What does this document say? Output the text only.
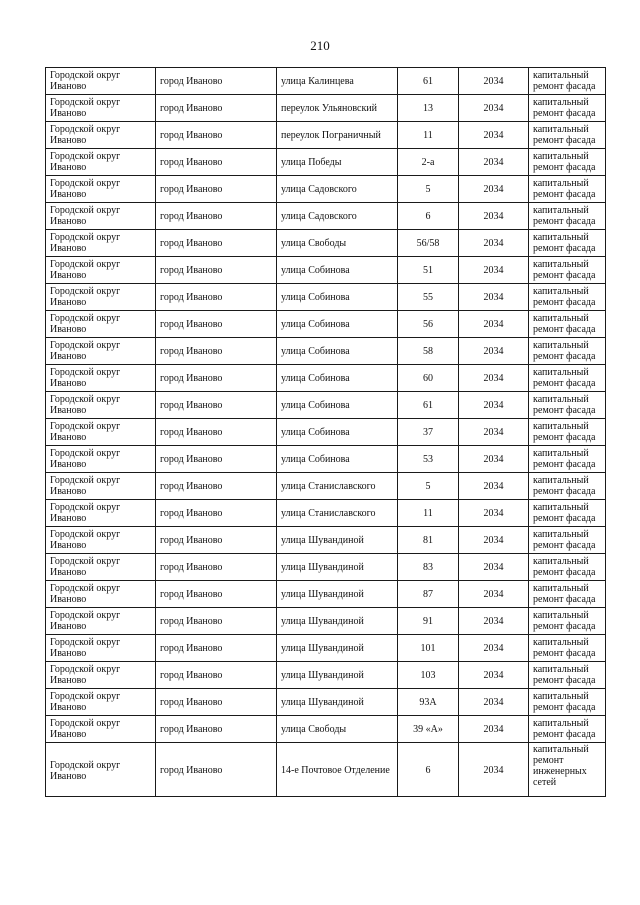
210
Городской округ Иваново	город Иваново	улица Калинцева	61	2034	капитальный ремонт фасада
Городской округ Иваново	город Иваново	переулок Ульяновский	13	2034	капитальный ремонт фасада
Городской округ Иваново	город Иваново	переулок Пограничный	11	2034	капитальный ремонт фасада
Городской округ Иваново	город Иваново	улица Победы	2-а	2034	капитальный ремонт фасада
Городской округ Иваново	город Иваново	улица Садовского	5	2034	капитальный ремонт фасада
Городской округ Иваново	город Иваново	улица Садовского	6	2034	капитальный ремонт фасада
Городской округ Иваново	город Иваново	улица Свободы	56/58	2034	капитальный ремонт фасада
Городской округ Иваново	город Иваново	улица Собинова	51	2034	капитальный ремонт фасада
Городской округ Иваново	город Иваново	улица Собинова	55	2034	капитальный ремонт фасада
Городской округ Иваново	город Иваново	улица Собинова	56	2034	капитальный ремонт фасада
Городской округ Иваново	город Иваново	улица Собинова	58	2034	капитальный ремонт фасада
Городской округ Иваново	город Иваново	улица Собинова	60	2034	капитальный ремонт фасада
Городской округ Иваново	город Иваново	улица Собинова	61	2034	капитальный ремонт фасада
Городской округ Иваново	город Иваново	улица Собинова	37	2034	капитальный ремонт фасада
Городской округ Иваново	город Иваново	улица Собинова	53	2034	капитальный ремонт фасада
Городской округ Иваново	город Иваново	улица Станиславского	5	2034	капитальный ремонт фасада
Городской округ Иваново	город Иваново	улица Станиславского	11	2034	капитальный ремонт фасада
Городской округ Иваново	город Иваново	улица Шувандиной	81	2034	капитальный ремонт фасада
Городской округ Иваново	город Иваново	улица Шувандиной	83	2034	капитальный ремонт фасада
Городской округ Иваново	город Иваново	улица Шувандиной	87	2034	капитальный ремонт фасада
Городской округ Иваново	город Иваново	улица Шувандиной	91	2034	капитальный ремонт фасада
Городской округ Иваново	город Иваново	улица Шувандиной	101	2034	капитальный ремонт фасада
Городской округ Иваново	город Иваново	улица Шувандиной	103	2034	капитальный ремонт фасада
Городской округ Иваново	город Иваново	улица Шувандиной	93А	2034	капитальный ремонт фасада
Городской округ Иваново	город Иваново	улица Свободы	39 «А»	2034	капитальный ремонт фасада
Городской округ Иваново	город Иваново	14-е Почтовое Отделение	6	2034	капитальный ремонт инженерных сетей
